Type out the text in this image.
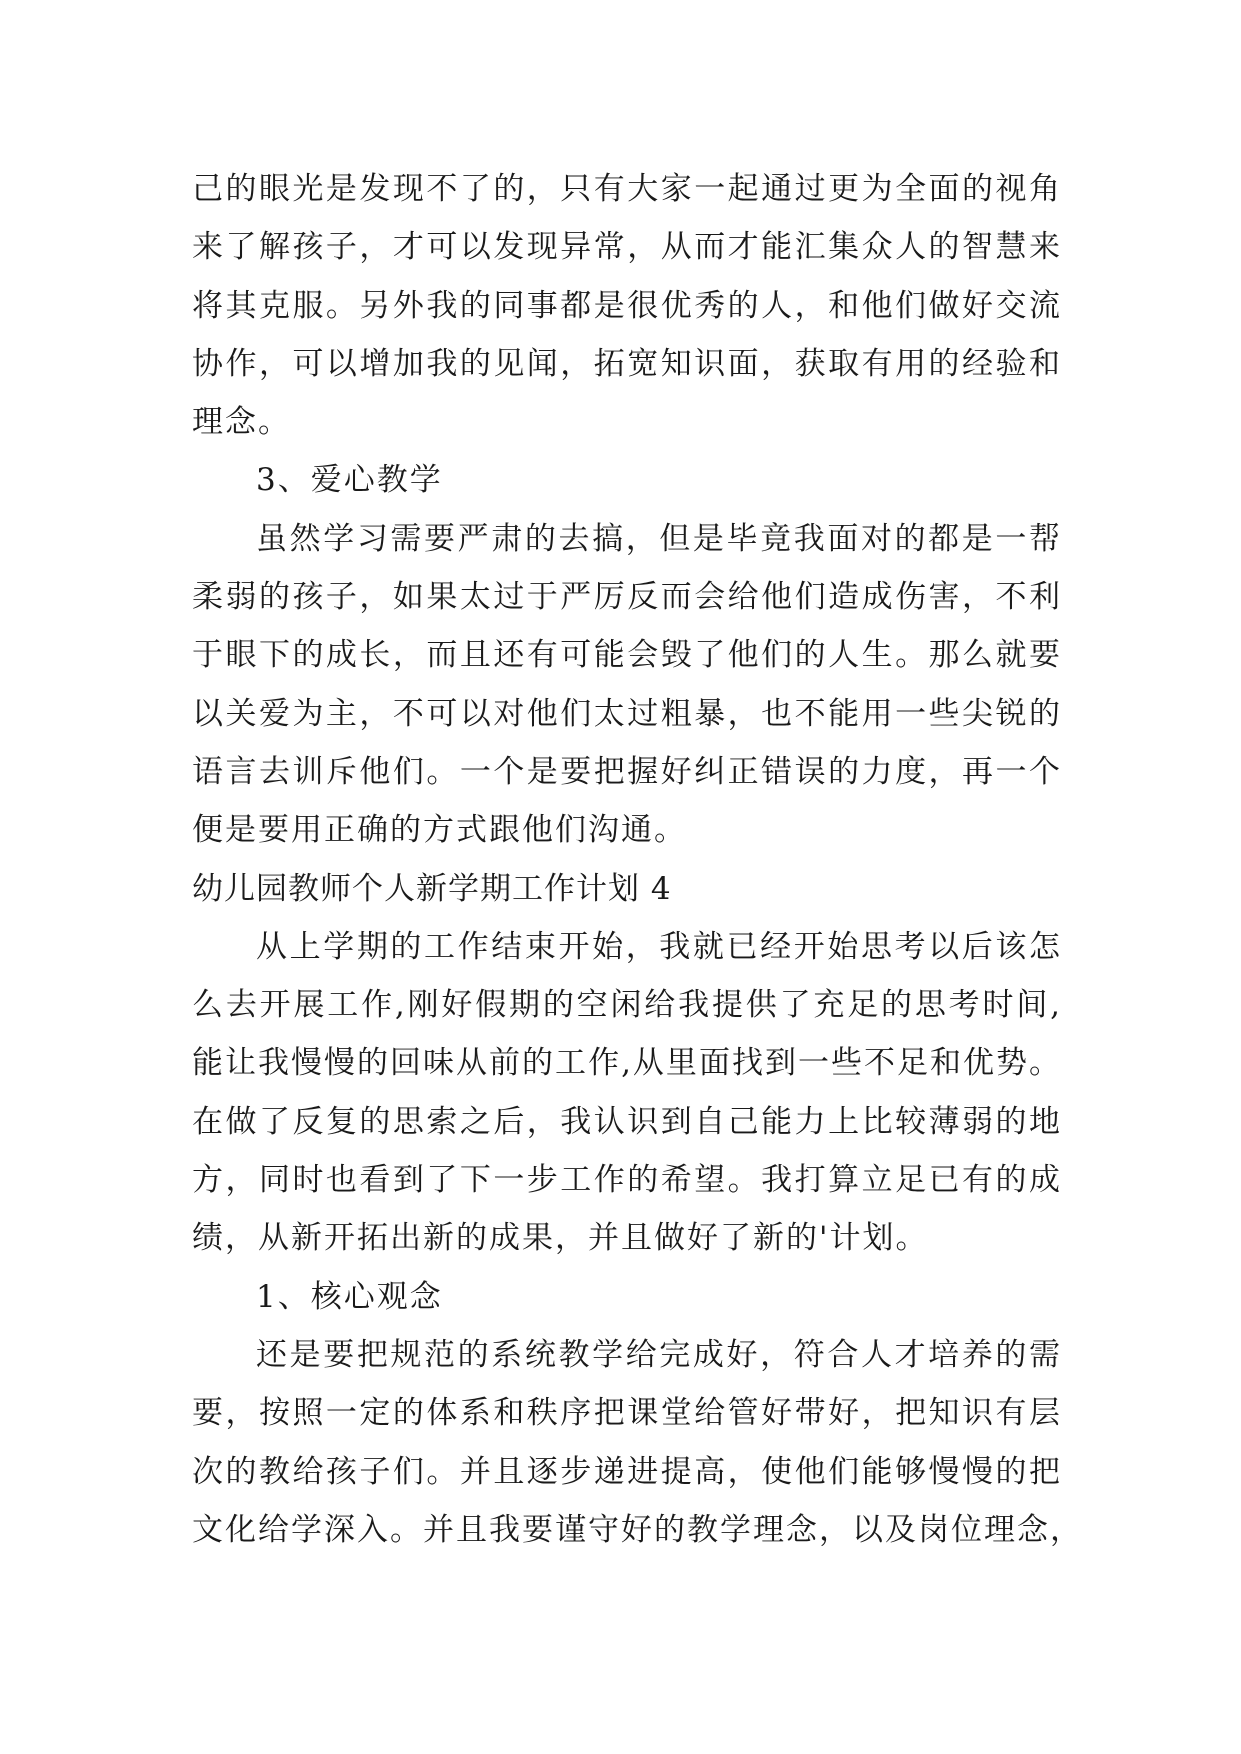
己的眼光是发现不了的，只有大家一起通过更为全面的视角
来了解孩子，才可以发现异常，从而才能汇集众人的智慧来
将其克服。另外我的同事都是很优秀的人，和他们做好交流
协作，可以增加我的见闻，拓宽知识面，获取有用的经验和
理念。
3、爱心教学
虽然学习需要严肃的去搞，但是毕竟我面对的都是一帮
柔弱的孩子，如果太过于严厉反而会给他们造成伤害，不利
于眼下的成长，而且还有可能会毁了他们的人生。那么就要
以关爱为主，不可以对他们太过粗暴，也不能用一些尖锐的
语言去训斥他们。一个是要把握好纠正错误的力度，再一个
便是要用正确的方式跟他们沟通。
幼儿园教师个人新学期工作计划 4
从上学期的工作结束开始，我就已经开始思考以后该怎
么去开展工作,刚好假期的空闲给我提供了充足的思考时间,
能让我慢慢的回味从前的工作,从里面找到一些不足和优势。
在做了反复的思索之后，我认识到自己能力上比较薄弱的地
方，同时也看到了下一步工作的希望。我打算立足已有的成
绩，从新开拓出新的成果，并且做好了新的'计划。
1、核心观念
还是要把规范的系统教学给完成好，符合人才培养的需
要，按照一定的体系和秩序把课堂给管好带好，把知识有层
次的教给孩子们。并且逐步递进提高，使他们能够慢慢的把
文化给学深入。并且我要谨守好的教学理念，以及岗位理念，
